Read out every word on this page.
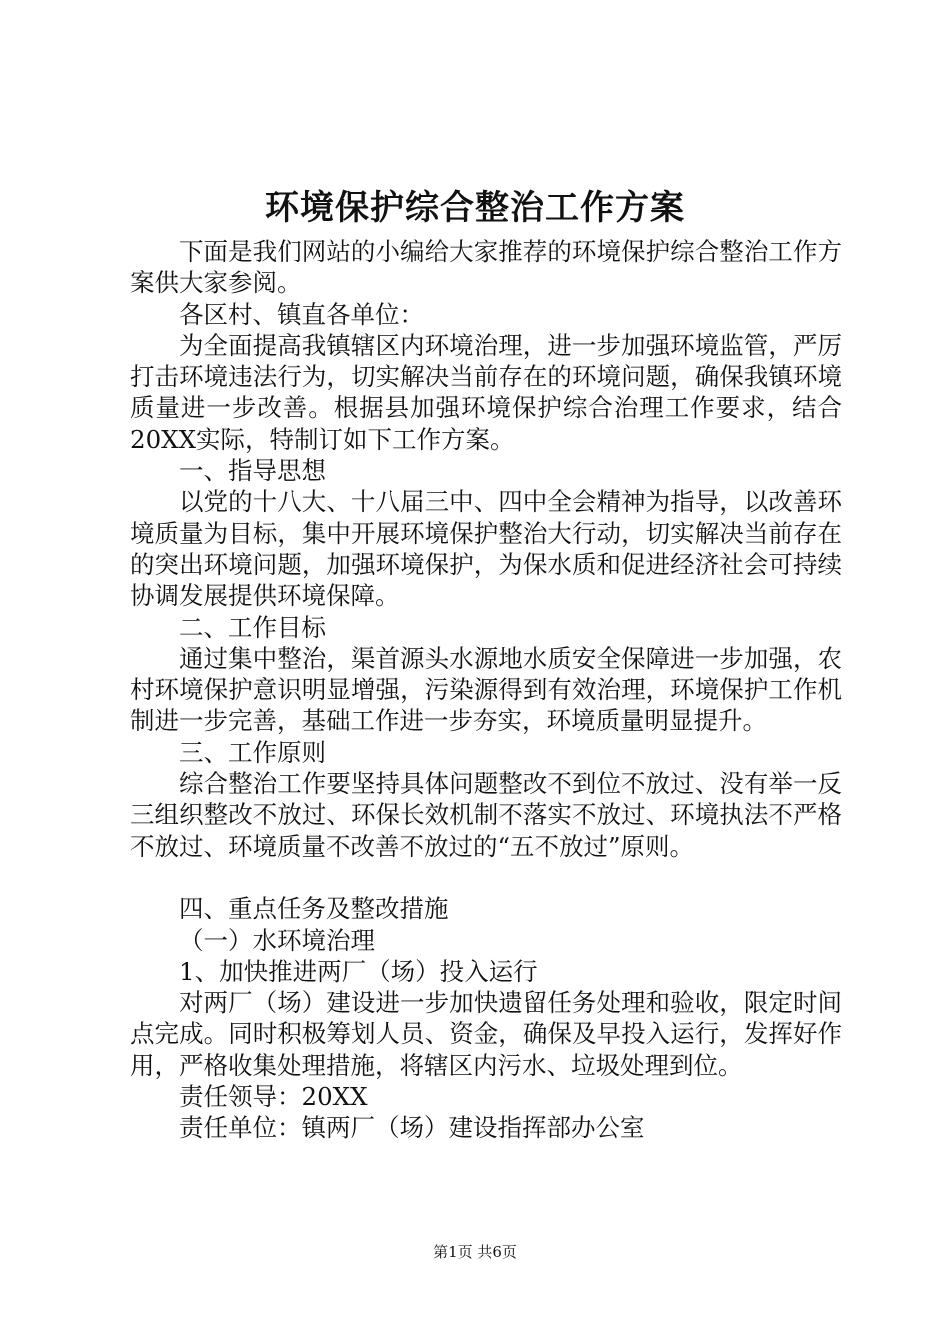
环境保护综合整治工作方案

下面是我们网站的小编给大家推荐的环境保护综合整治工作方案供大家参阅。

各区村、镇直各单位：

为全面提高我镇辖区内环境治理，进一步加强环境监管，严厉打击环境违法行为，切实解决当前存在的环境问题，确保我镇环境质量进一步改善。根据县加强环境保护综合治理工作要求，结合20XX实际，特制订如下工作方案。

一、指导思想

以党的十八大、十八届三中、四中全会精神为指导，以改善环境质量为目标，集中开展环境保护整治大行动，切实解决当前存在的突出环境问题，加强环境保护，为保水质和促进经济社会可持续协调发展提供环境保障。

二、工作目标

通过集中整治，渠首源头水源地水质安全保障进一步加强，农村环境保护意识明显增强，污染源得到有效治理，环境保护工作机制进一步完善，基础工作进一步夯实，环境质量明显提升。

三、工作原则

综合整治工作要坚持具体问题整改不到位不放过、没有举一反三组织整改不放过、环保长效机制不落实不放过、环境执法不严格不放过、环境质量不改善不放过的“五不放过”原则。

四、重点任务及整改措施

（一）水环境治理

1、加快推进两厂（场）投入运行

对两厂（场）建设进一步加快遗留任务处理和验收，限定时间点完成。同时积极筹划人员、资金，确保及早投入运行，发挥好作用，严格收集处理措施，将辖区内污水、垃圾处理到位。

责任领导：20XX

责任单位：镇两厂（场）建设指挥部办公室

第1页 共6页
